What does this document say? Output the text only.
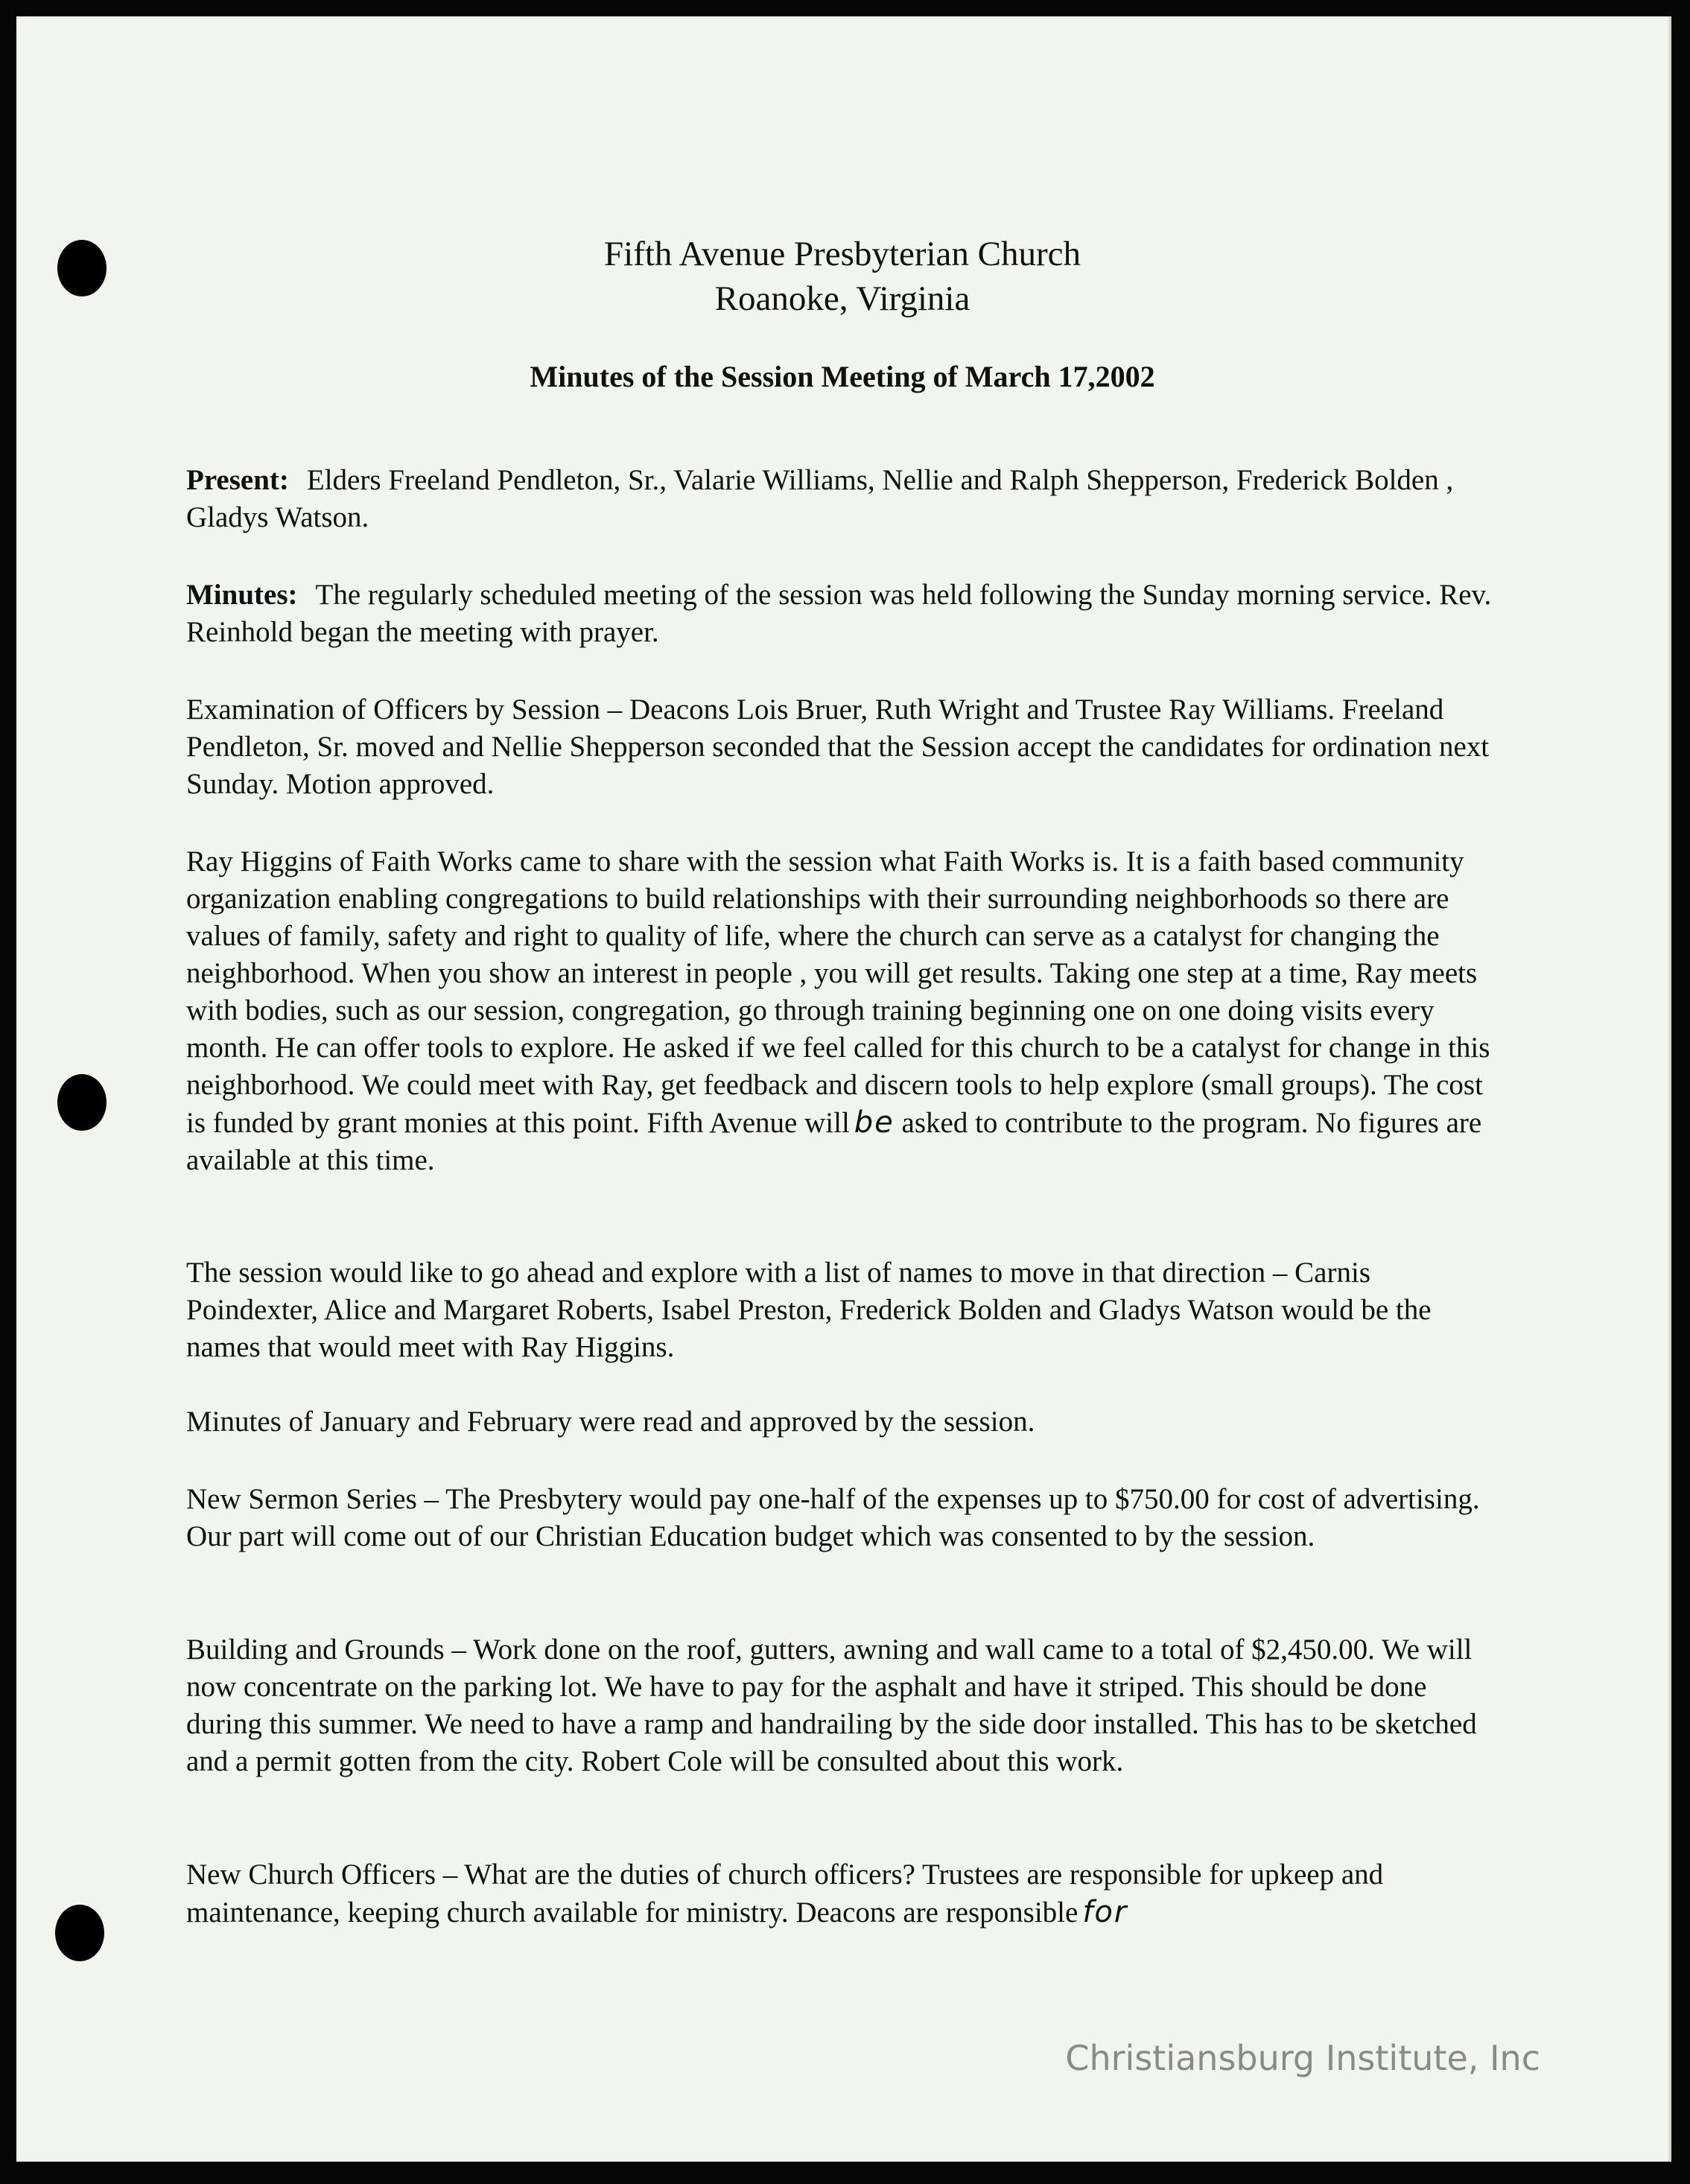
Fifth Avenue Presbyterian Church
Roanoke, Virginia
Minutes of the Session Meeting of March 17,2002
Present: Elders Freeland Pendleton, Sr., Valarie Williams, Nellie and Ralph Shepperson, Frederick Bolden , Gladys Watson.
Minutes: The regularly scheduled meeting of the session was held following the Sunday morning service. Rev. Reinhold began the meeting with prayer.
Examination of Officers by Session – Deacons Lois Bruer, Ruth Wright and Trustee Ray Williams. Freeland Pendleton, Sr. moved and Nellie Shepperson seconded that the Session accept the candidates for ordination next Sunday. Motion approved.
Ray Higgins of Faith Works came to share with the session what Faith Works is. It is a faith based community organization enabling congregations to build relationships with their surrounding neighborhoods so there are values of family, safety and right to quality of life, where the church can serve as a catalyst for changing the neighborhood. When you show an interest in people , you will get results. Taking one step at a time, Ray meets with bodies, such as our session, congregation, go through training beginning one on one doing visits every month. He can offer tools to explore. He asked if we feel called for this church to be a catalyst for change in this neighborhood. We could meet with Ray, get feedback and discern tools to help explore (small groups). The cost is funded by grant monies at this point. Fifth Avenue will be asked to contribute to the program. No figures are available at this time.
The session would like to go ahead and explore with a list of names to move in that direction – Carnis Poindexter, Alice and Margaret Roberts, Isabel Preston, Frederick Bolden and Gladys Watson would be the names that would meet with Ray Higgins.
Minutes of January and February were read and approved by the session.
New Sermon Series – The Presbytery would pay one-half of the expenses up to $750.00 for cost of advertising. Our part will come out of our Christian Education budget which was consented to by the session.
Building and Grounds – Work done on the roof, gutters, awning and wall came to a total of $2,450.00. We will now concentrate on the parking lot. We have to pay for the asphalt and have it striped. This should be done during this summer. We need to have a ramp and handrailing by the side door installed. This has to be sketched and a permit gotten from the city. Robert Cole will be consulted about this work.
New Church Officers – What are the duties of church officers? Trustees are responsible for upkeep and maintenance, keeping church available for ministry. Deacons are responsible for
Christiansburg Institute, Inc
